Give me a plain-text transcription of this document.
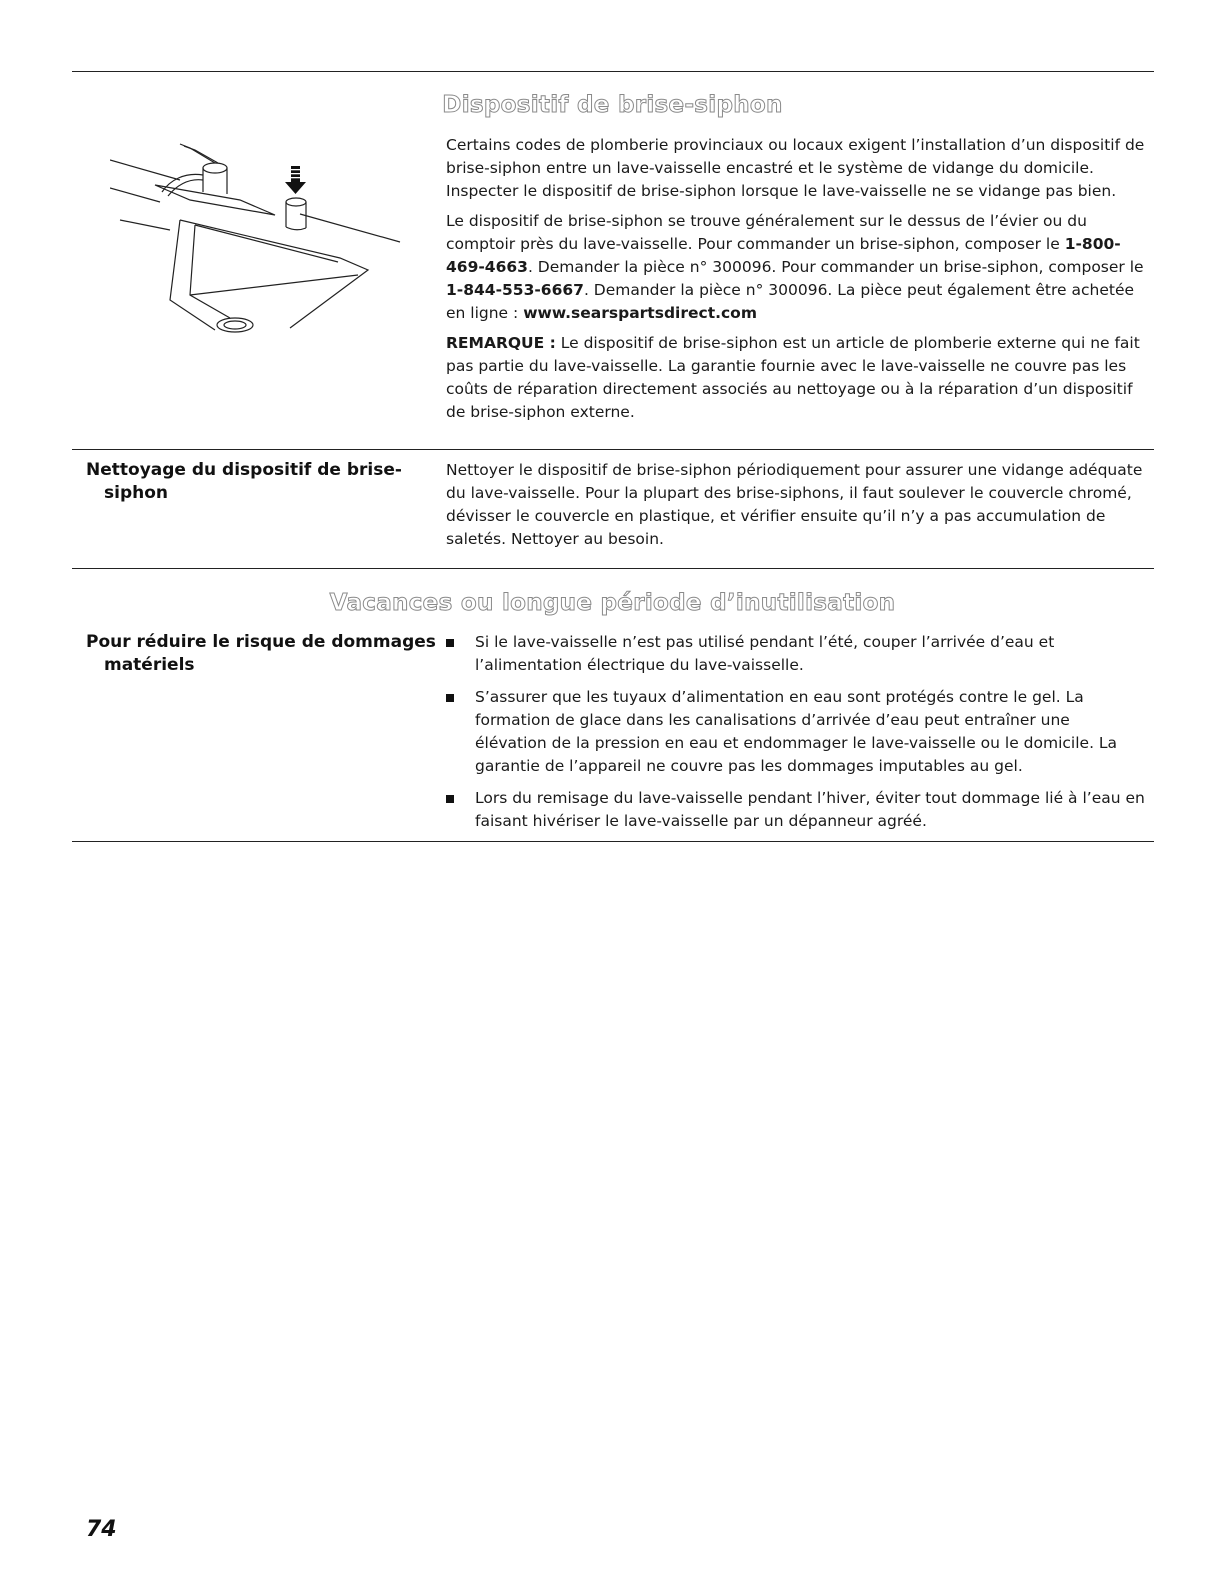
Dispositif de brise-siphon

Certains codes de plomberie provinciaux ou locaux exigent l’installation d’un dispositif de brise-siphon entre un lave-vaisselle encastré et le système de vidange du domicile. Inspecter le dispositif de brise-siphon lorsque le lave-vaisselle ne se vidange pas bien.

Le dispositif de brise-siphon se trouve généralement sur le dessus de l’évier ou du comptoir près du lave-vaisselle. Pour commander un brise-siphon, composer le 1-800-469-4663. Demander la pièce n° 300096. Pour commander un brise-siphon, composer le 1-844-553-6667. Demander la pièce n° 300096. La pièce peut également être achetée en ligne : www.searspartsdirect.com

REMARQUE : Le dispositif de brise-siphon est un article de plomberie externe qui ne fait pas partie du lave-vaisselle. La garantie fournie avec le lave-vaisselle ne couvre pas les coûts de réparation directement associés au nettoyage ou à la réparation d’un dispositif de brise-siphon externe.

Nettoyage du dispositif de brise-siphon
Nettoyer le dispositif de brise-siphon périodiquement pour assurer une vidange adéquate du lave-vaisselle. Pour la plupart des brise-siphons, il faut soulever le couvercle chromé, dévisser le couvercle en plastique, et vérifier ensuite qu’il n’y a pas accumulation de saletés. Nettoyer au besoin.
Vacances ou longue période d’inutilisation
Pour réduire le risque de dommages matériels
Si le lave-vaisselle n’est pas utilisé pendant l’été, couper l’arrivée d’eau et l’alimentation électrique du lave-vaisselle.
S’assurer que les tuyaux d’alimentation en eau sont protégés contre le gel. La formation de glace dans les canalisations d’arrivée d’eau peut entraîner une élévation de la pression en eau et endommager le lave-vaisselle ou le domicile. La garantie de l’appareil ne couvre pas les dommages imputables au gel.
Lors du remisage du lave-vaisselle pendant l’hiver, éviter tout dommage lié à l’eau en faisant hivériser le lave-vaisselle par un dépanneur agréé.
74
